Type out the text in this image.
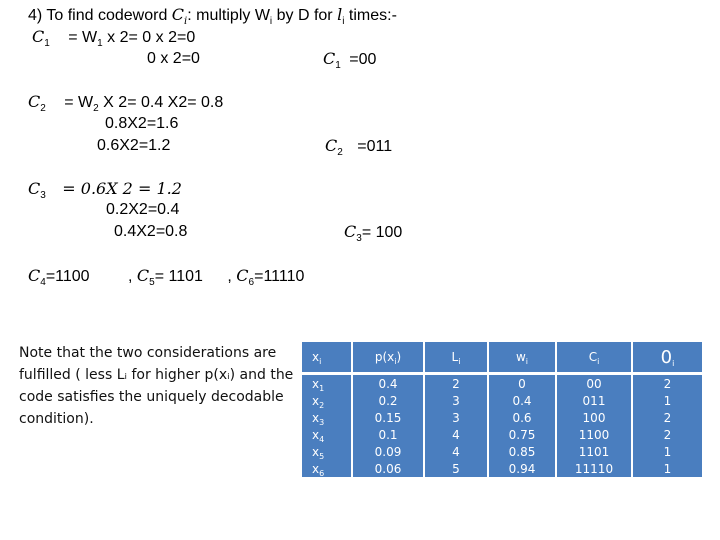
4) To find codeword $C_i$: multiply $W_i$ by D for $l_i$ times:-
$C_1 = W_1$ x 2= 0 x 2=0
0 x 2=0	$C_1 =00$
$C_2 = W_2$ X 2= 0.4 X2= 0.8
0.8X2=1.6
0.6X2=1.2	$C_2 =011$
$C_3 = 0.6X$ 2 = 1.2
0.2X2=0.4
0.4X2=0.8	$C_3= 100$
$C_4=1100$ , $C_5= 1101$ , $C_6=11110$
Note that the two considerations are fulfilled ( less Lᵢ for higher p(xᵢ) and the code satisfies the uniquely decodable condition).
$x_i$	$p(x_i)$	$L_i$	$w_i$	$C_i$	$0_i$
$x_1$	0.4	2	0	00	2
$x_2$	0.2	3	0.4	011	1
$x_3$	0.15	3	0.6	100	2
$x_4$	0.1	4	0.75	1100	2
$x_5$	0.09	4	0.85	1101	1
$x_6$	0.06	5	0.94	11110	1
